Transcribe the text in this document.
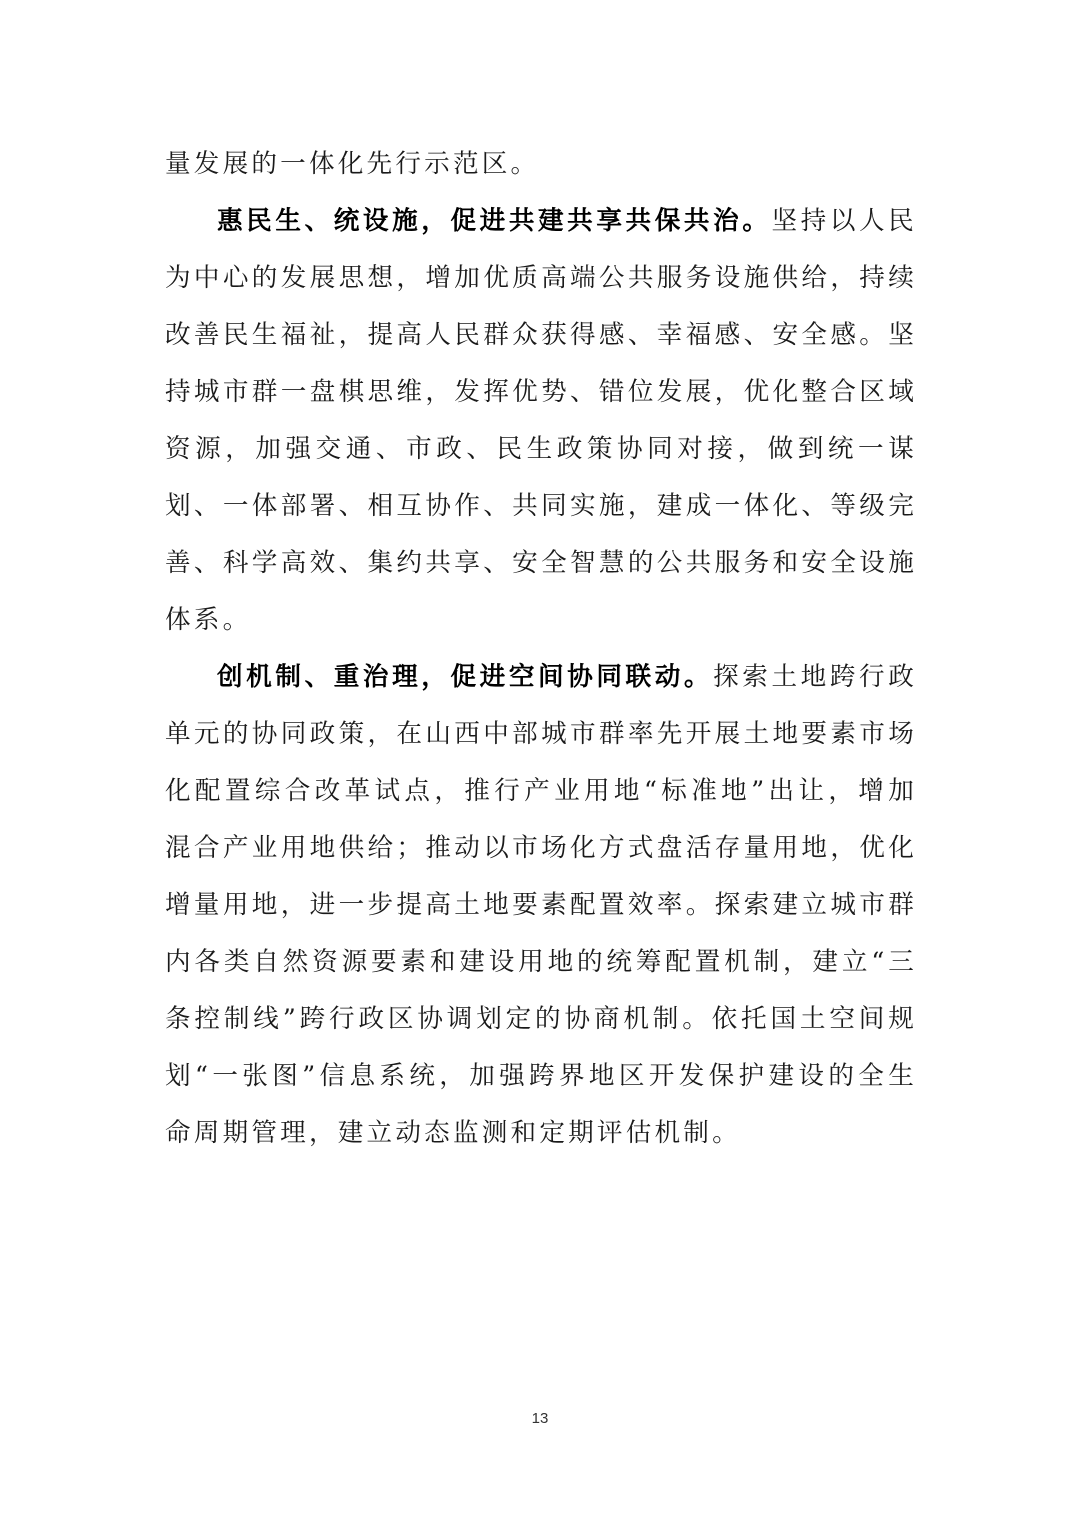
量发展的一体化先行示范区。

惠民生、统设施，促进共建共享共保共治。坚持以人民为中心的发展思想，增加优质高端公共服务设施供给，持续改善民生福祉，提高人民群众获得感、幸福感、安全感。坚持城市群一盘棋思维，发挥优势、错位发展，优化整合区域资源，加强交通、市政、民生政策协同对接，做到统一谋划、一体部署、相互协作、共同实施，建成一体化、等级完善、科学高效、集约共享、安全智慧的公共服务和安全设施体系。

创机制、重治理，促进空间协同联动。探索土地跨行政单元的协同政策，在山西中部城市群率先开展土地要素市场化配置综合改革试点，推行产业用地“标准地”出让，增加混合产业用地供给；推动以市场化方式盘活存量用地，优化增量用地，进一步提高土地要素配置效率。探索建立城市群内各类自然资源要素和建设用地的统筹配置机制，建立“三条控制线”跨行政区协调划定的协商机制。依托国土空间规划“一张图”信息系统，加强跨界地区开发保护建设的全生命周期管理，建立动态监测和定期评估机制。

13
